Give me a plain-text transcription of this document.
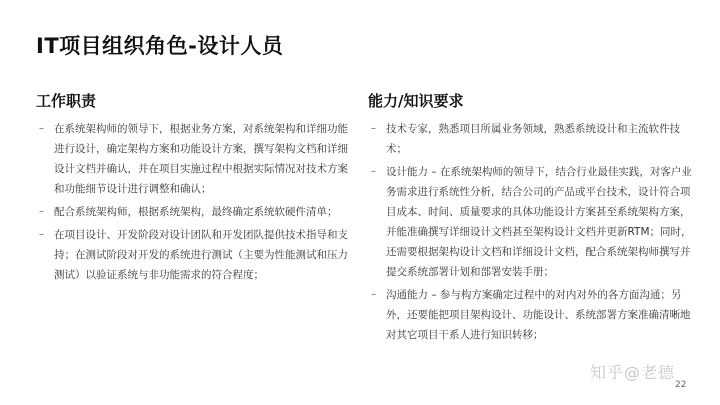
IT项目组织角色-设计人员
工作职责
– 在系统架构师的领导下，根据业务方案，对系统架构和详细功能进行设计，确定架构方案和功能设计方案，撰写架构文档和详细设计文档并确认，并在项目实施过程中根据实际情况对技术方案和功能细节设计进行调整和确认；
– 配合系统架构师，根据系统架构，最终确定系统软硬件清单；
– 在项目设计、开发阶段对设计团队和开发团队提供技术指导和支持；在测试阶段对开发的系统进行测试（主要为性能测试和压力测试）以验证系统与非功能需求的符合程度；
能力/知识要求
– 技术专家，熟悉项目所属业务领域，熟悉系统设计和主流软件技术；
– 设计能力 – 在系统架构师的领导下，结合行业最佳实践，对客户业务需求进行系统性分析，结合公司的产品或平台技术，设计符合项目成本、时间、质量要求的具体功能设计方案甚至系统架构方案，并能准确撰写详细设计文档甚至架构设计文档并更新RTM；同时，还需要根据架构设计文档和详细设计文档，配合系统架构师撰写并提交系统部署计划和部署安装手册；
– 沟通能力 – 参与构方案确定过程中的对内对外的各方面沟通；另外，还要能把项目架构设计、功能设计、系统部署方案准确清晰地对其它项目干系人进行知识转移；
知乎@老德
22
